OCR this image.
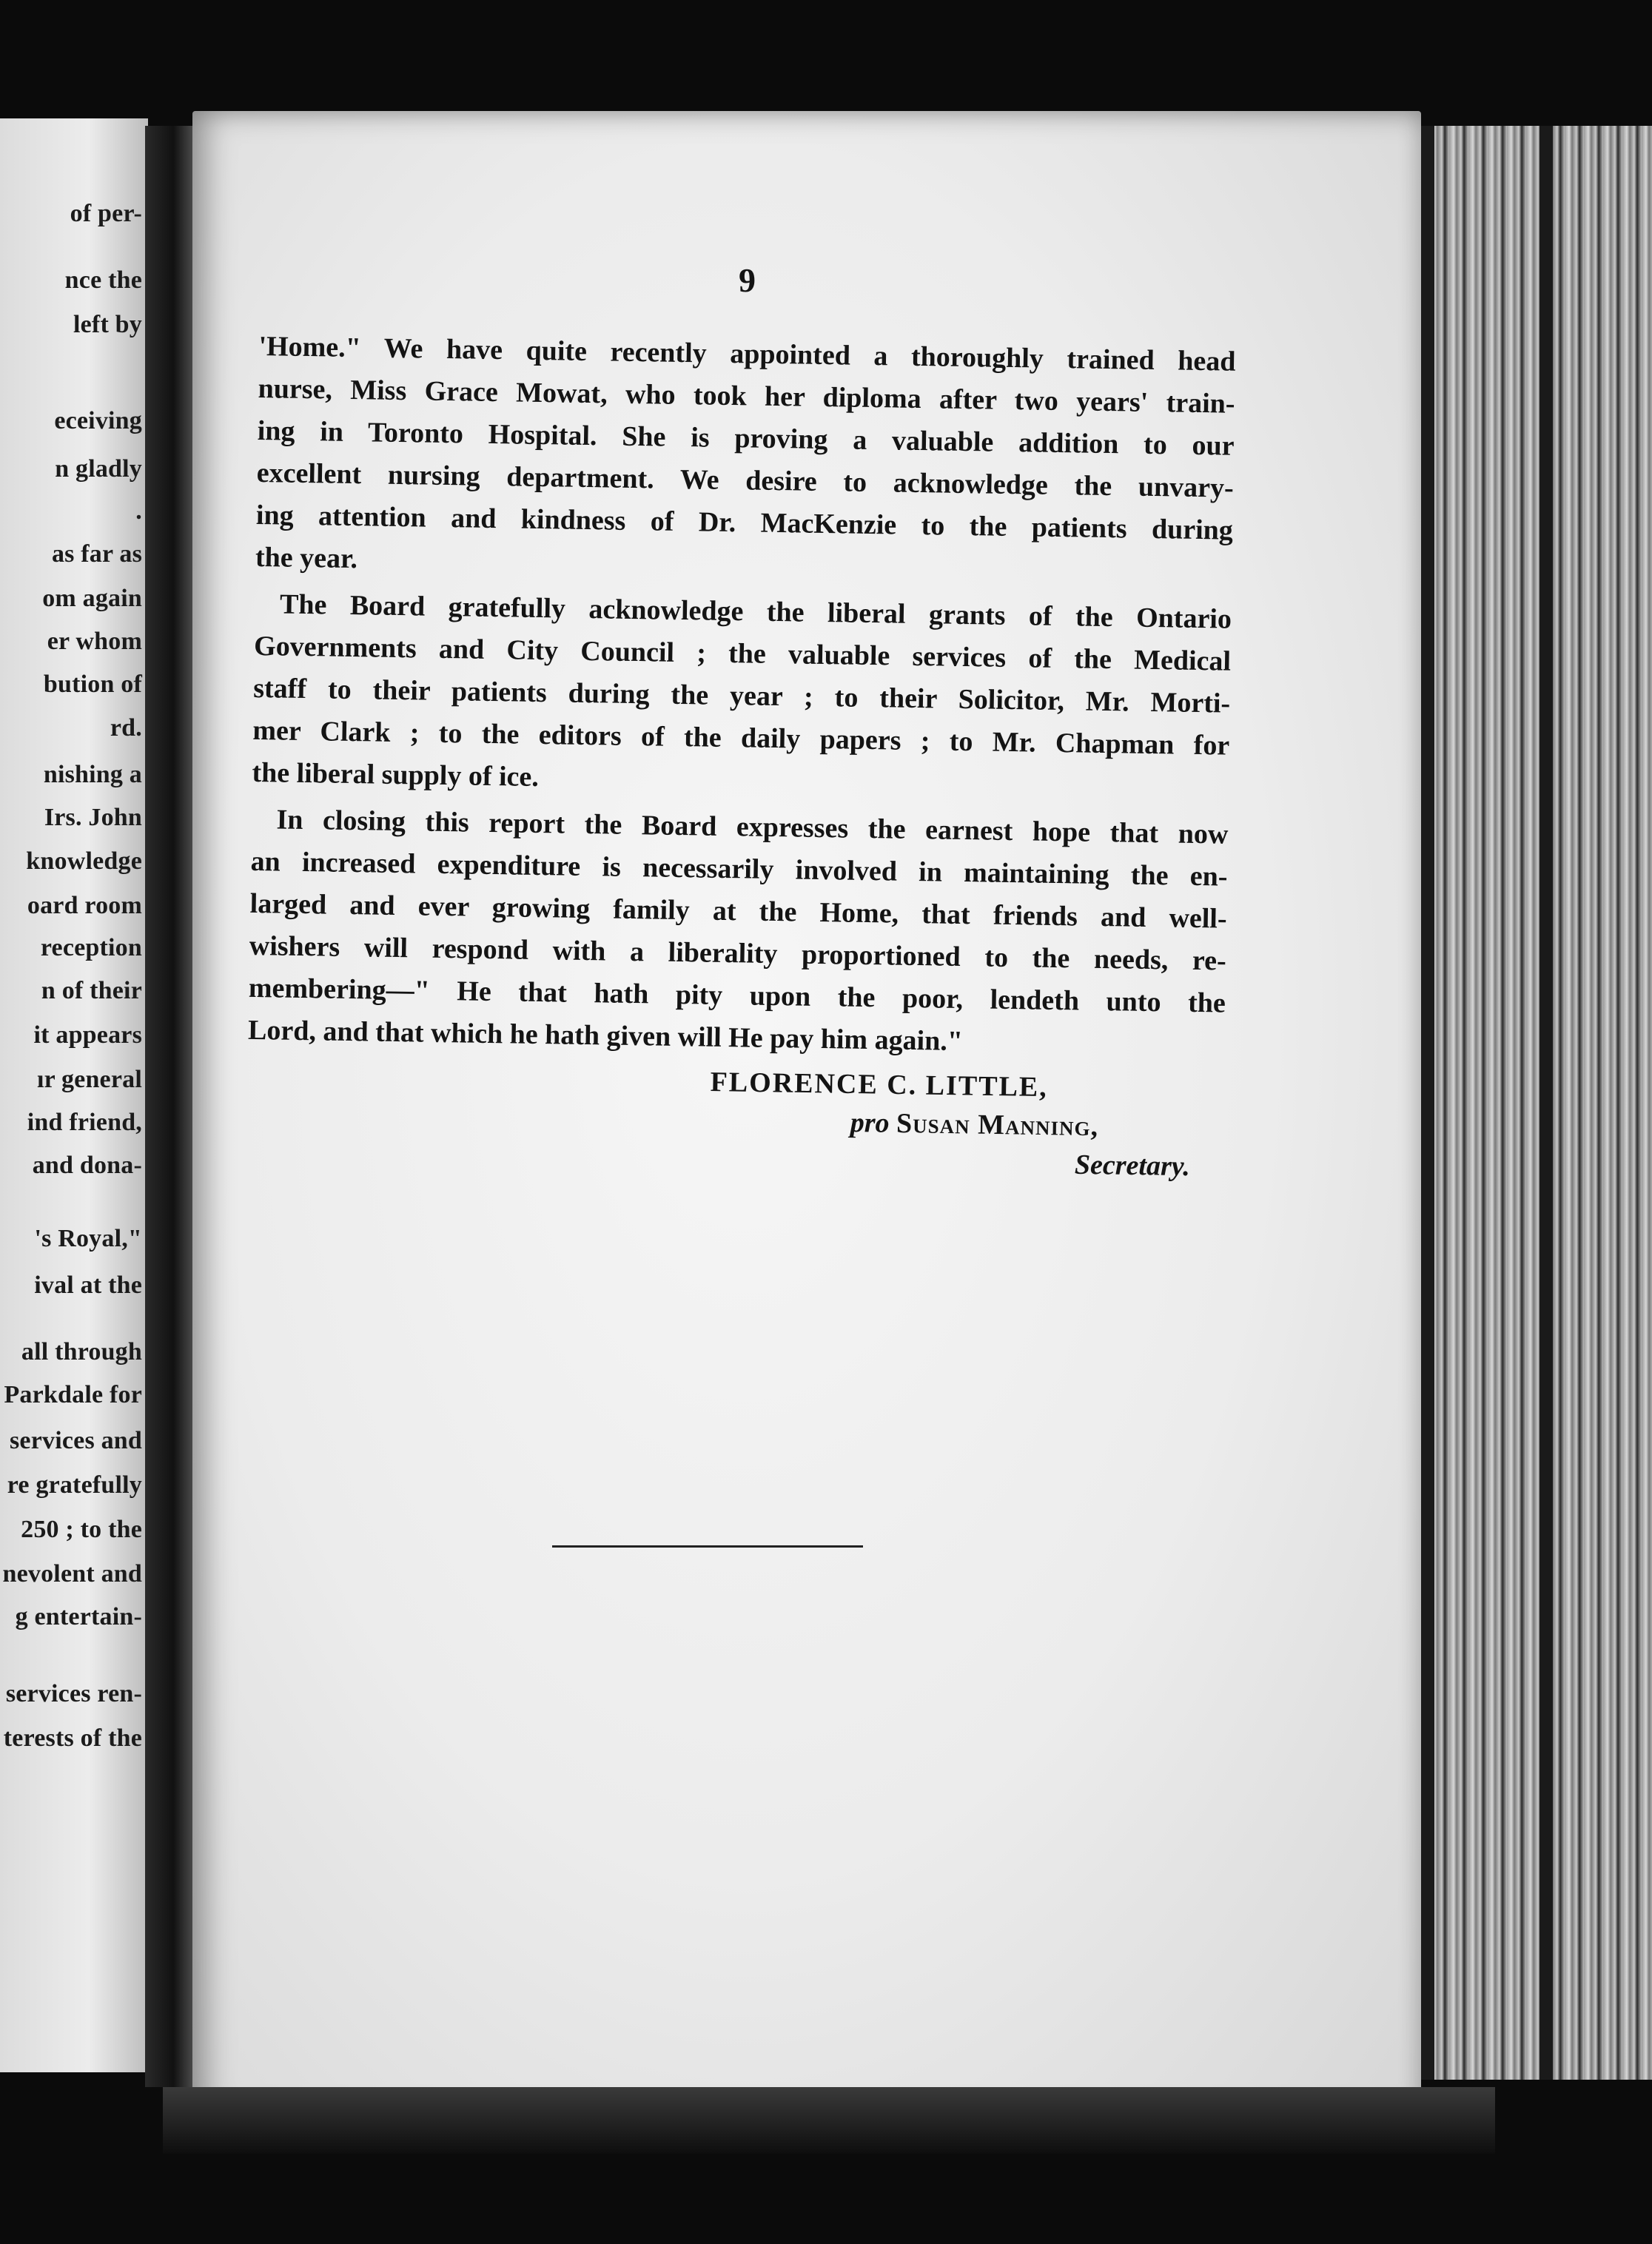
of per-
nce the
left by
eceiving
n gladly
.
as far as
om again
er whom
bution of
rd.
nishing a
Irs. John
knowledge
oard room
reception
n of their
it appears
ır general
ind friend,
and dona-
's Royal,"
ival at the
all through
Parkdale for
services and
re gratefully
250 ; to the
nevolent and
g entertain-
services ren-
terests of the
9
'Home." We have quite recently appointed a thoroughly trained head
nurse, Miss Grace Mowat, who took her diploma after two years' train-
ing in Toronto Hospital. She is proving a valuable addition to our
excellent nursing department. We desire to acknowledge the unvary-
ing attention and kindness of Dr. MacKenzie to the patients during
the year.
The Board gratefully acknowledge the liberal grants of the Ontario
Governments and City Council ; the valuable services of the Medical
staff to their patients during the year ; to their Solicitor, Mr. Morti-
mer Clark ; to the editors of the daily papers ; to Mr. Chapman for
the liberal supply of ice.
In closing this report the Board expresses the earnest hope that now
an increased expenditure is necessarily involved in maintaining the en-
larged and ever growing family at the Home, that friends and well-
wishers will respond with a liberality proportioned to the needs, re-
membering—" He that hath pity upon the poor, lendeth unto the
Lord, and that which he hath given will He pay him again."
FLORENCE C. LITTLE,
pro Susan Manning,
Secretary.
